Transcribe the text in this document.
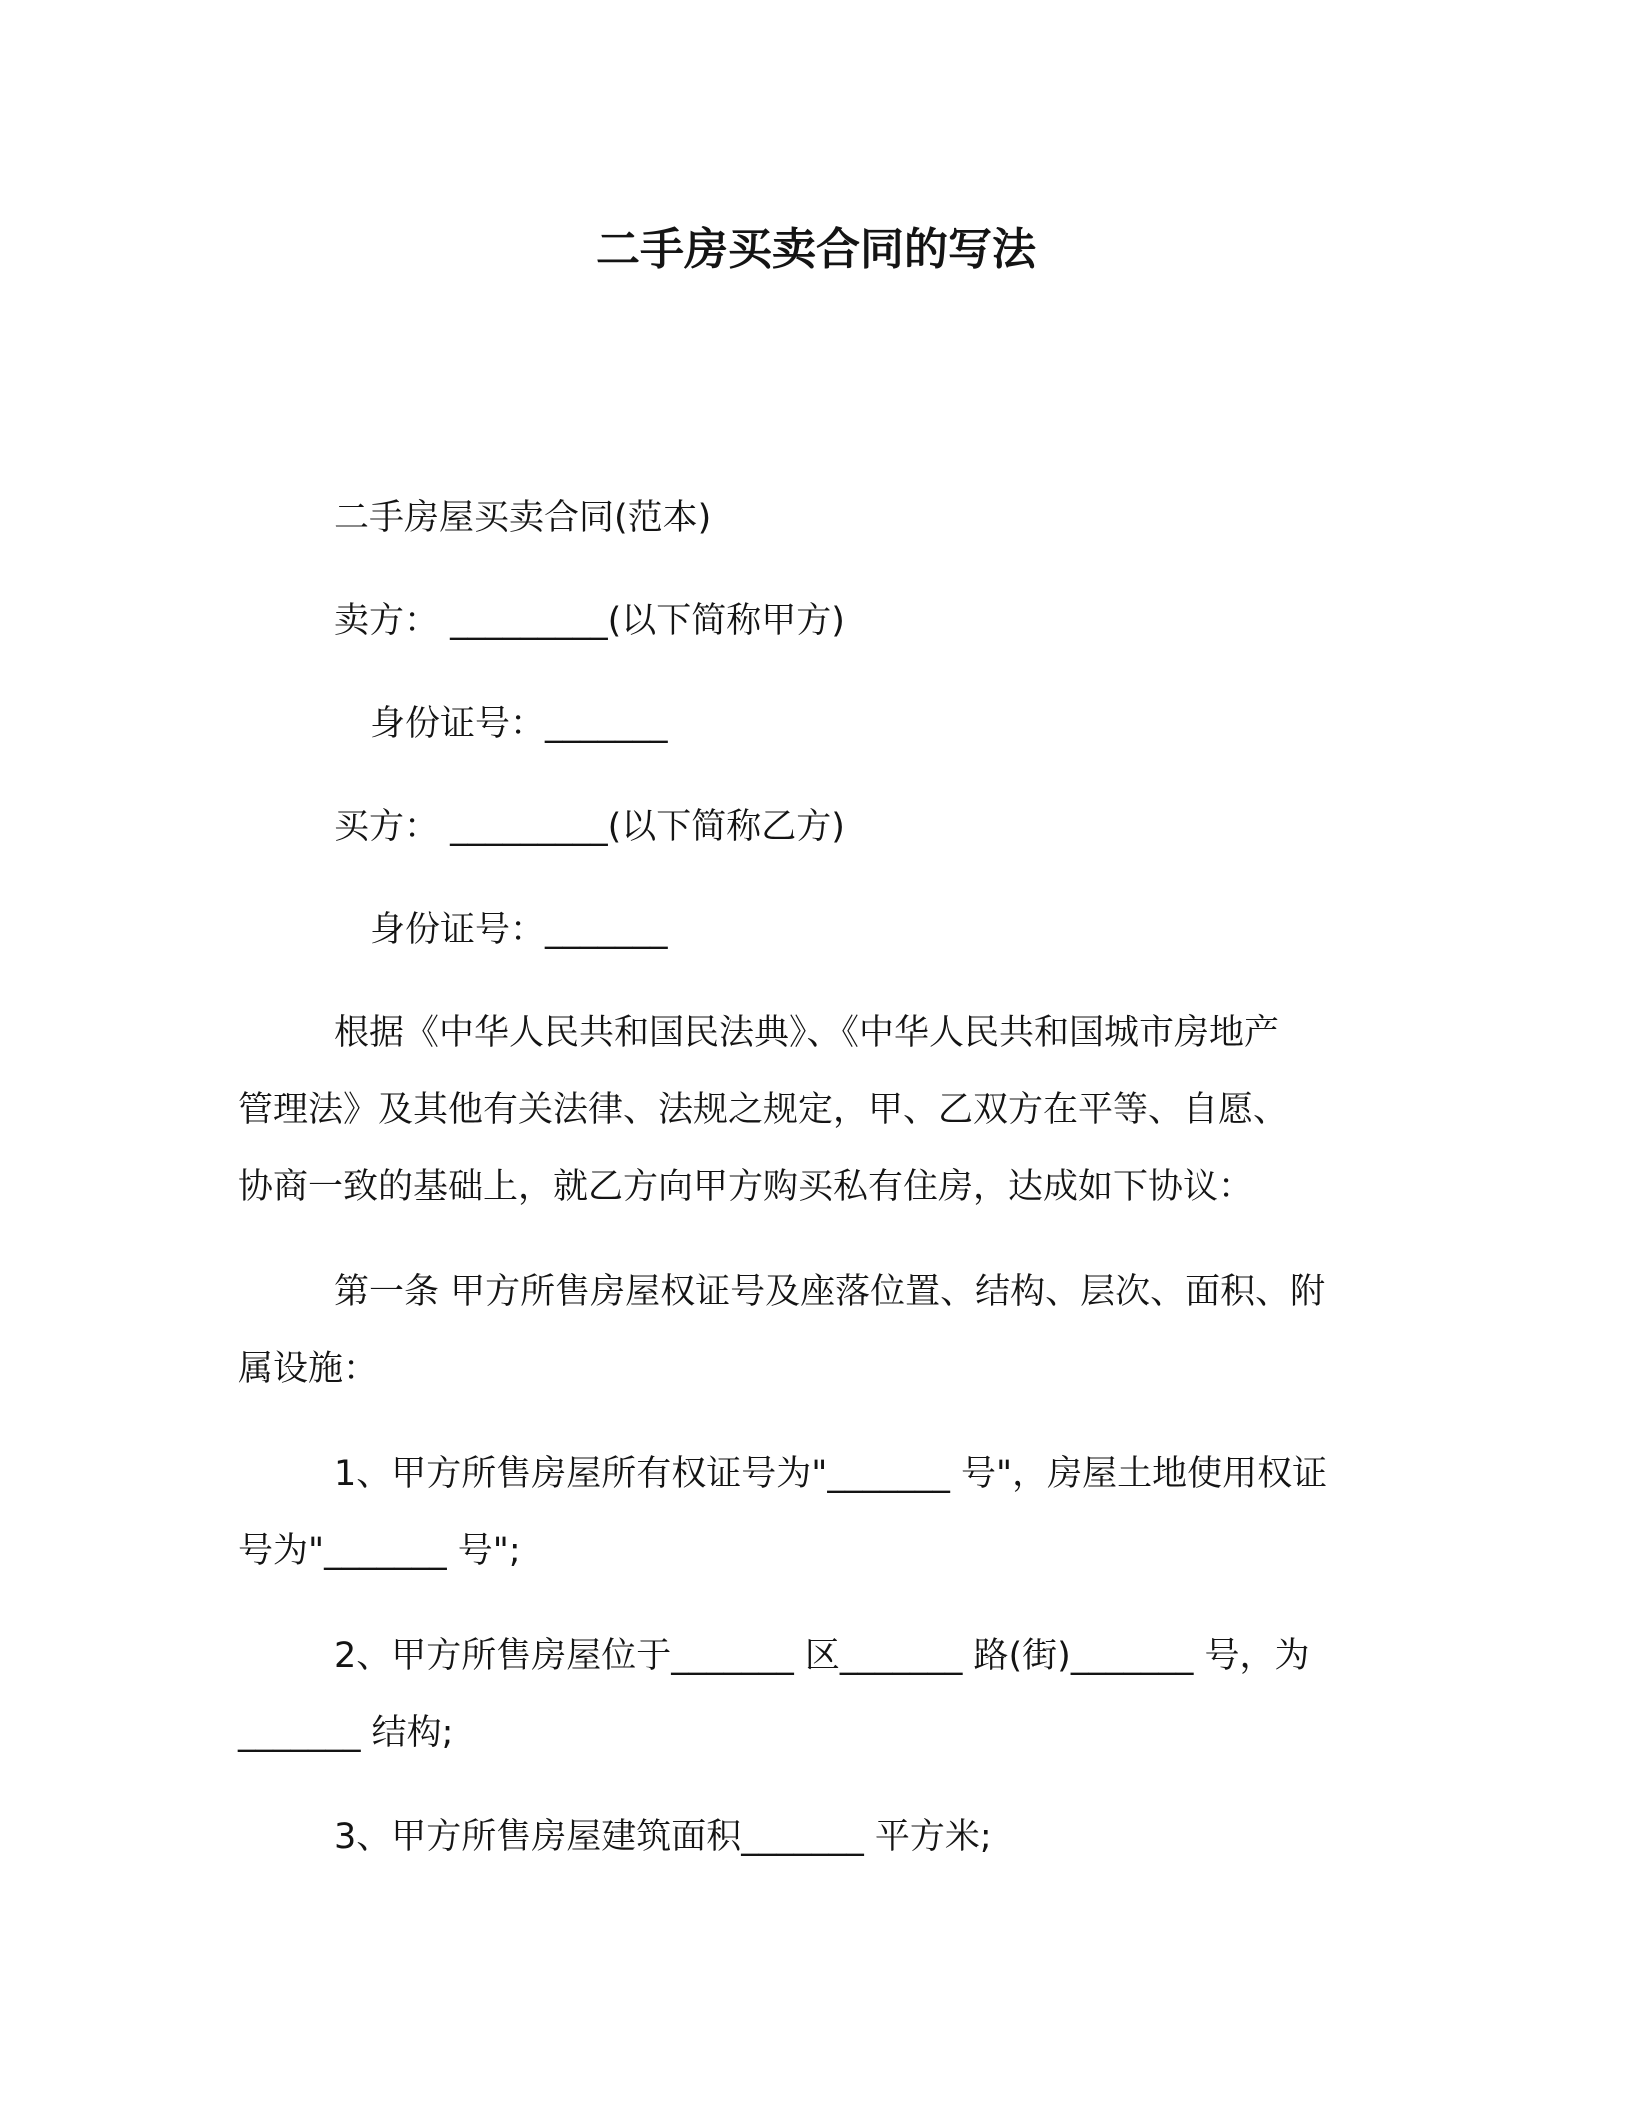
二手房买卖合同的写法
二手房屋买卖合同(范本)
卖方： _________(以下简称甲方)
身份证号：_______
买方： _________(以下简称乙方)
身份证号：_______
根据《中华人民共和国民法典》、《中华人民共和国城市房地产
管理法》及其他有关法律、法规之规定，甲、乙双方在平等、自愿、
协商一致的基础上，就乙方向甲方购买私有住房，达成如下协议：
第一条 甲方所售房屋权证号及座落位置、结构、层次、面积、附
属设施：
1、甲方所售房屋所有权证号为"_______ 号"，房屋土地使用权证
号为"_______ 号";
2、甲方所售房屋位于_______ 区_______ 路(街)_______ 号，为
_______ 结构;
3、甲方所售房屋建筑面积_______ 平方米;
